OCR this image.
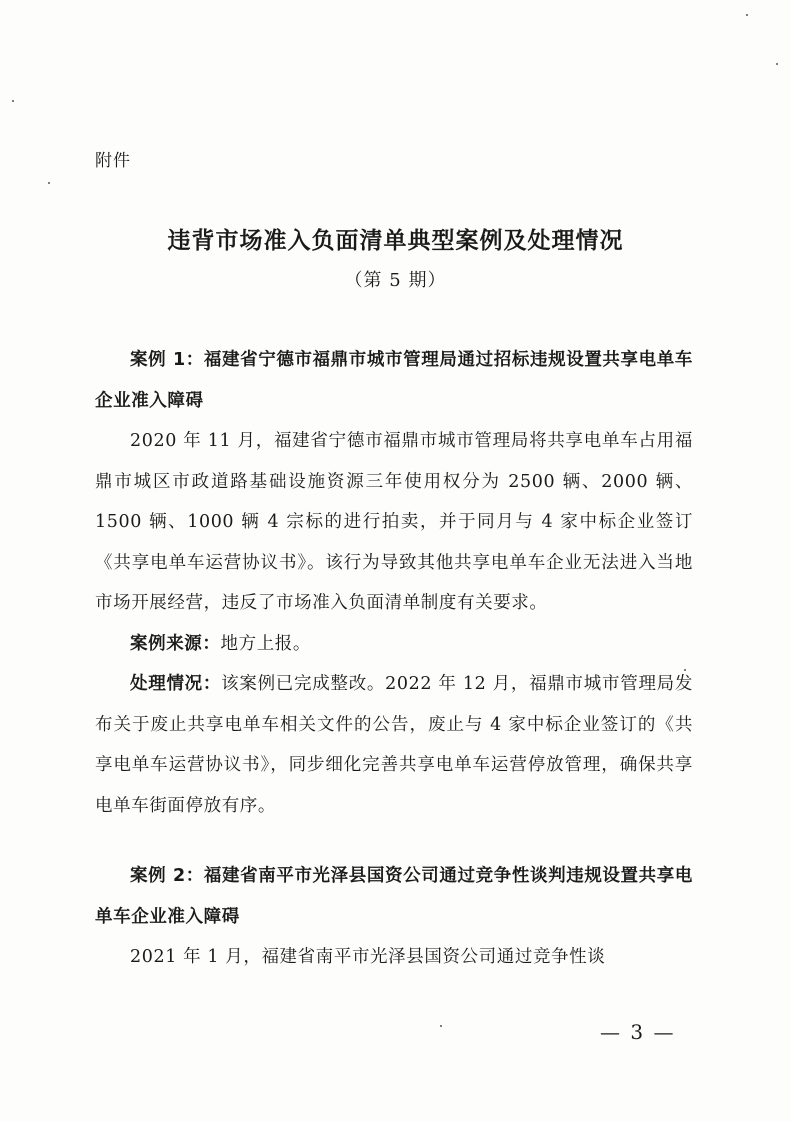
附件
违背市场准入负面清单典型案例及处理情况
（第 5 期）

案例 1：福建省宁德市福鼎市城市管理局通过招标违规设置共享电单车企业准入障碍

2020 年 11 月，福建省宁德市福鼎市城市管理局将共享电单车占用福鼎市城区市政道路基础设施资源三年使用权分为 2500 辆、2000 辆、1500 辆、1000 辆 4 宗标的进行拍卖，并于同月与 4 家中标企业签订《共享电单车运营协议书》。该行为导致其他共享电单车企业无法进入当地市场开展经营，违反了市场准入负面清单制度有关要求。

案例来源：地方上报。

处理情况：该案例已完成整改。2022 年 12 月，福鼎市城市管理局发布关于废止共享电单车相关文件的公告，废止与 4 家中标企业签订的《共享电单车运营协议书》，同步细化完善共享电单车运营停放管理，确保共享电单车街面停放有序。

案例 2：福建省南平市光泽县国资公司通过竞争性谈判违规设置共享电单车企业准入障碍

2021 年 1 月，福建省南平市光泽县国资公司通过竞争性谈

— 3 —
